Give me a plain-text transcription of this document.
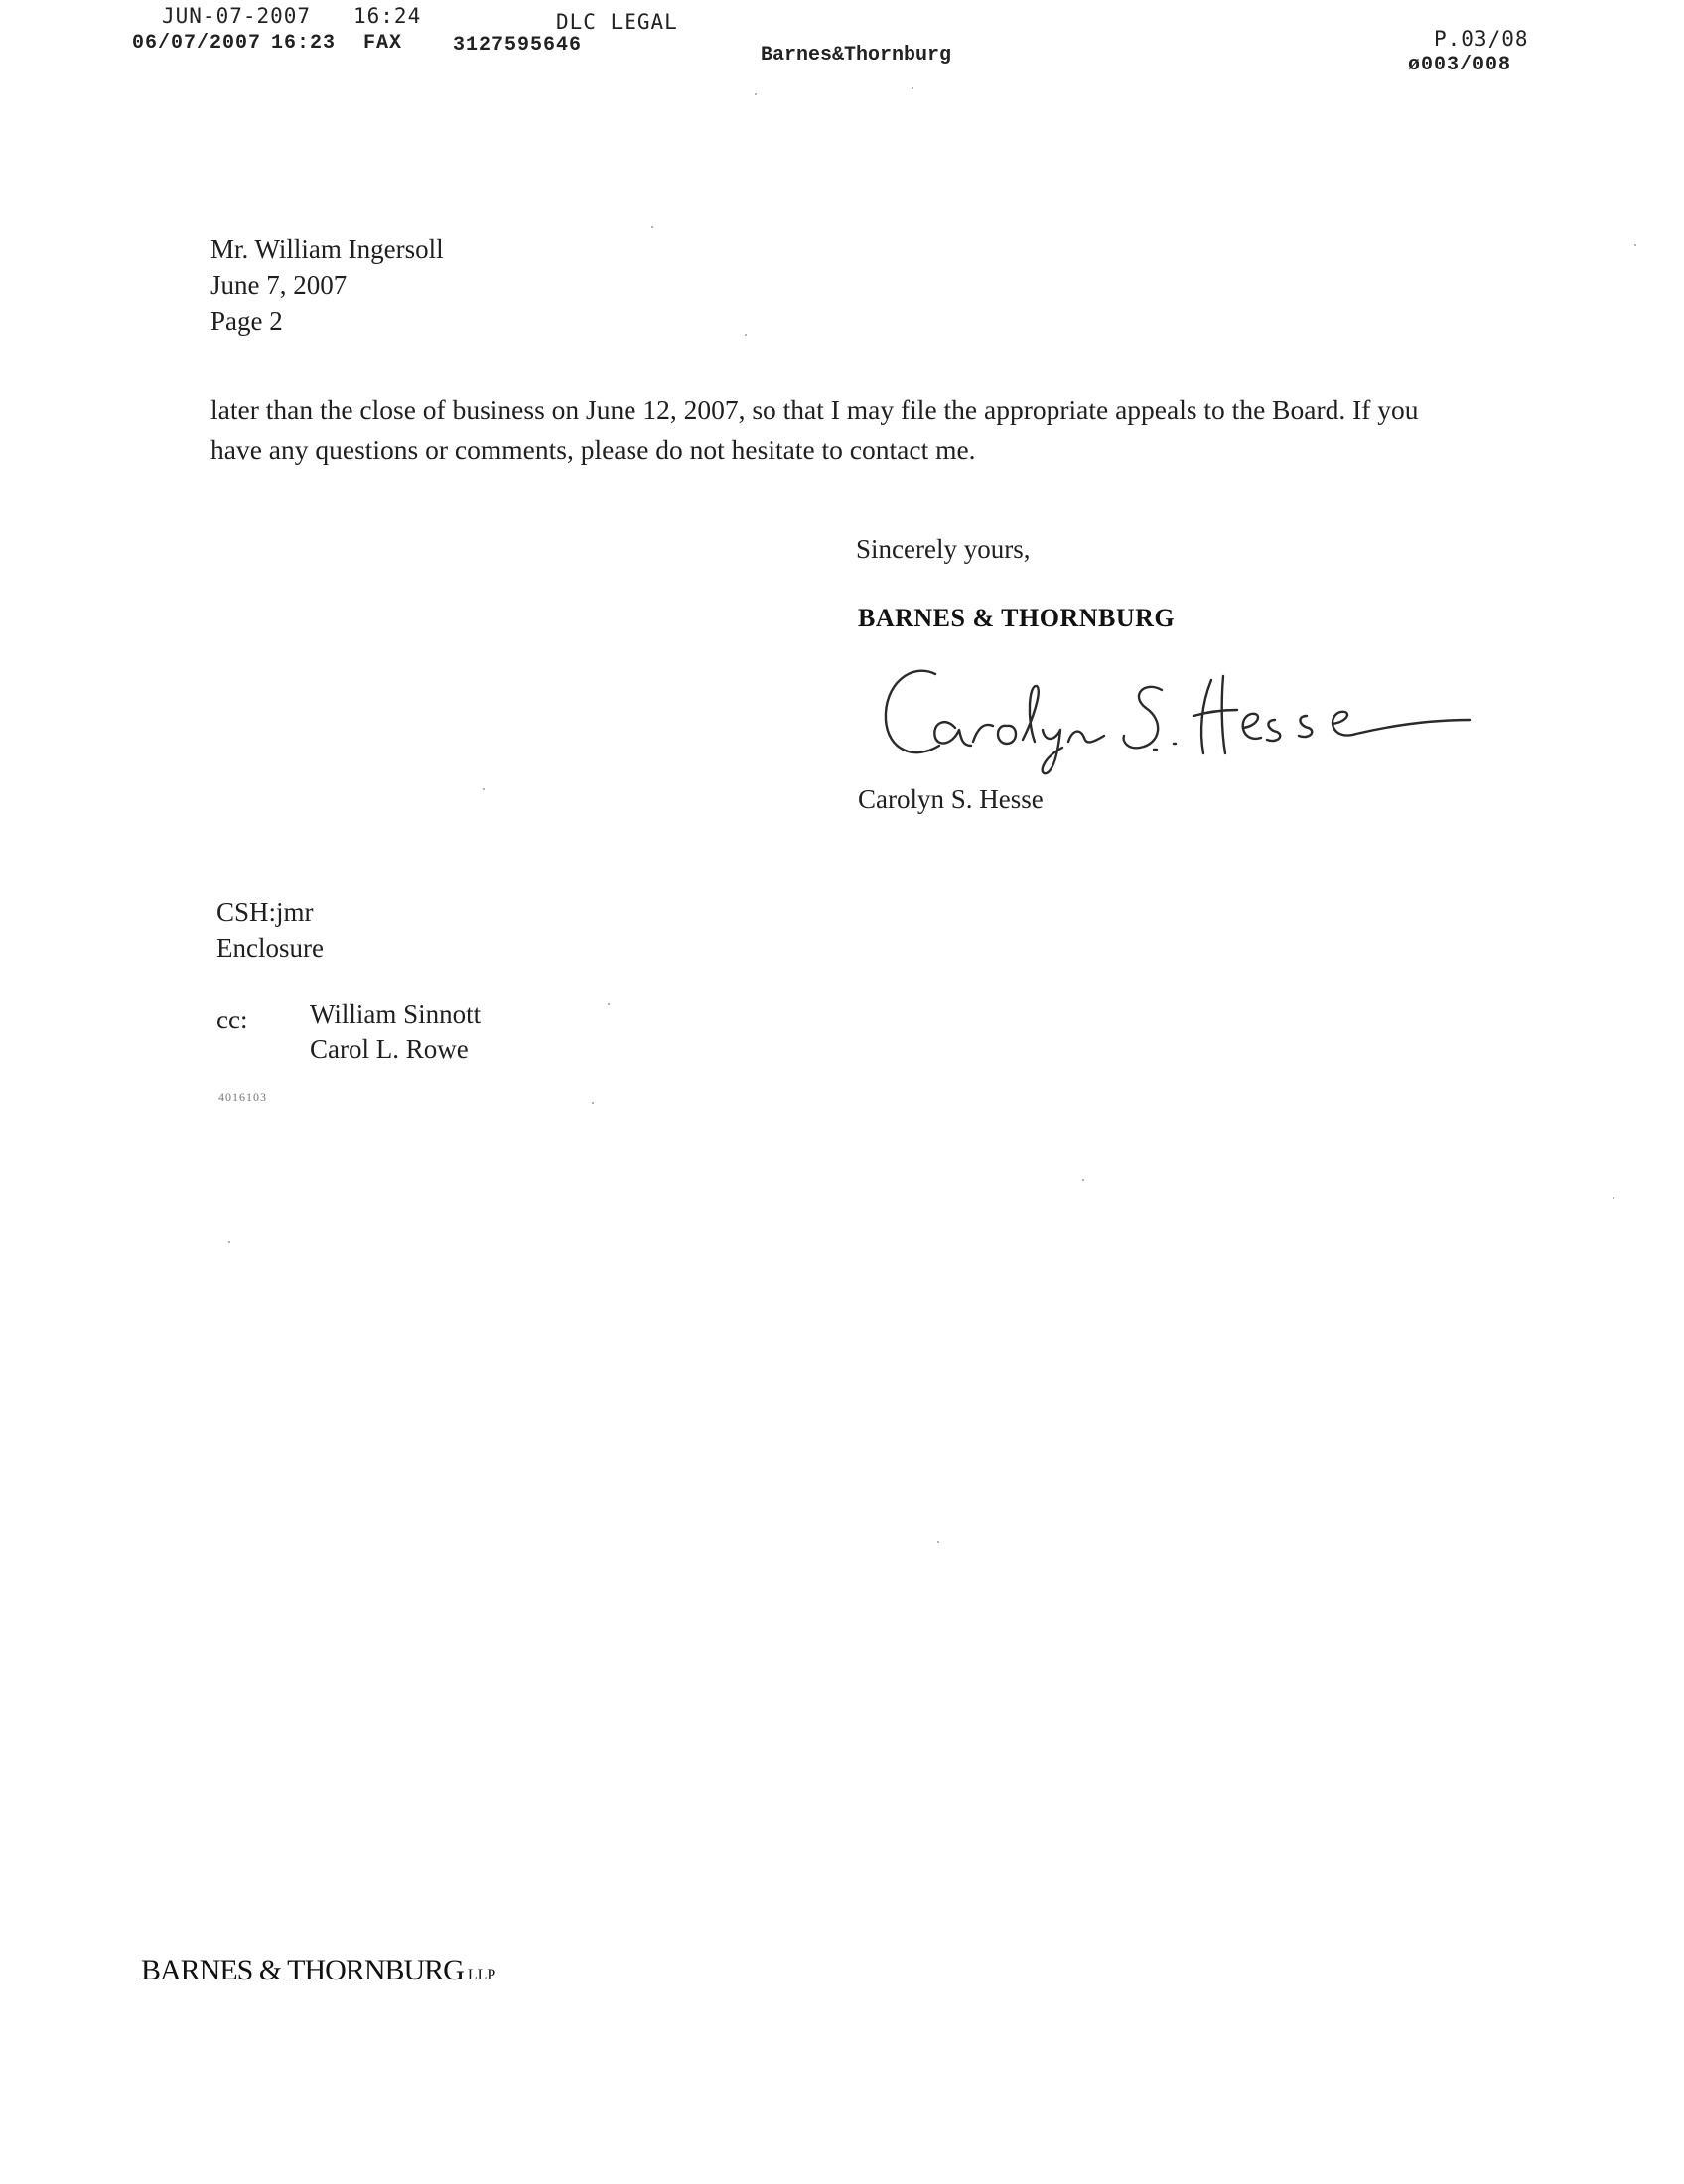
JUN-07-2007 16:24	DLC LEGAL
P.03/08
06/07/2007 16:23 FAX	3127595646	Barnes&Thornburg	ø003/008
Mr. William Ingersoll
June 7, 2007
Page 2
later than the close of business on June 12, 2007, so that I may file the appropriate appeals to the Board. If you have any questions or comments, please do not hesitate to contact me.
Sincerely yours,
BARNES & THORNBURG
Carolyn S. Hesse
CSH:jmr
Enclosure
cc: William Sinnott
Carol L. Rowe
4016103
BARNES & THORNBURG LLP
